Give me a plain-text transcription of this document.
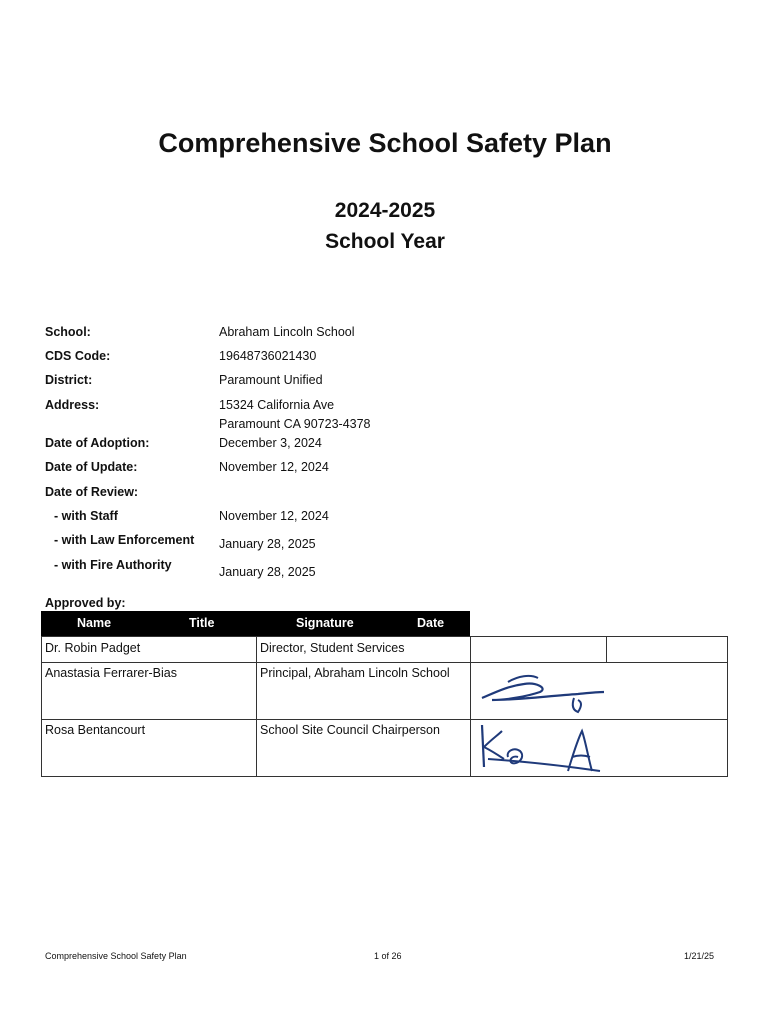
Comprehensive School Safety Plan
2024-2025
School Year
School:	Abraham Lincoln School
CDS Code:	19648736021430
District:	Paramount Unified
Address:	15324 California Ave
Paramount CA 90723-4378
Date of Adoption:	December 3, 2024
Date of Update:	November 12, 2024
Date of Review:
- with Staff	November 12, 2024
- with Law Enforcement January 28, 2025
- with Fire Authority	January 28, 2025
Approved by:
Name	Title	Signature	Date
Dr. Robin Padget	Director, Student Services
Anastasia Ferrarer-Bias	Principal, Abraham Lincoln School
Rosa Bentancourt	School Site Council Chairperson
Comprehensive School Safety Plan	1 of 26	1/21/25
